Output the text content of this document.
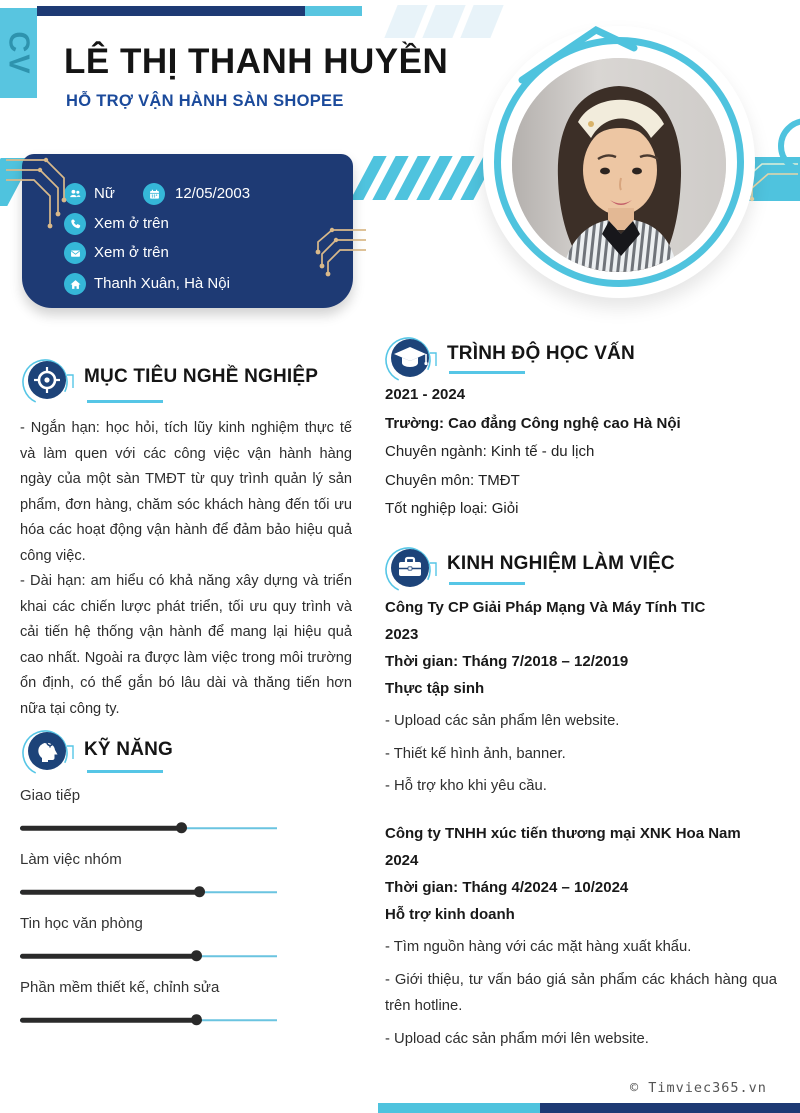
CV LÊ THỊ THANH HUYỀN
HỖ TRỢ VẬN HÀNH SÀN SHOPEE
Nữ	12/05/2003
Xem ở trên
Xem ở trên
Thanh Xuân, Hà Nội
MỤC TIÊU NGHỀ NGHIỆP

- Ngắn hạn: học hỏi, tích lũy kinh nghiệm thực tế và làm quen với các công việc vận hành hàng ngày của một sàn TMĐT từ quy trình quản lý sản phẩm, đơn hàng, chăm sóc khách hàng đến tối ưu hóa các hoạt động vận hành để đảm bảo hiệu quả công việc.

- Dài hạn: am hiểu có khả năng xây dựng và triển khai các chiến lược phát triển, tối ưu quy trình và cải tiến hệ thống vận hành để mang lại hiệu quả cao nhất. Ngoài ra được làm việc trong môi trường ổn định, có thể gắn bó lâu dài và thăng tiến hơn nữa tại công ty.

KỸ NĂNG
Giao tiếp
Làm việc nhóm
Tin học văn phòng
Phần mềm thiết kế, chỉnh sửa
TRÌNH ĐỘ HỌC VẤN
2021 - 2024
Trường: Cao đẳng Công nghệ cao Hà Nội
Chuyên ngành: Kinh tế - du lịch
Chuyên môn: TMĐT
Tốt nghiệp loại: Giỏi
KINH NGHIỆM LÀM VIỆC
Công Ty CP Giải Pháp Mạng Và Máy Tính TIC
2023
Thời gian: Tháng 7/2018 – 12/2019
Thực tập sinh
- Upload các sản phẩm lên website.
- Thiết kế hình ảnh, banner.
- Hỗ trợ kho khi yêu cầu.
Công ty TNHH xúc tiến thương mại XNK Hoa Nam
2024
Thời gian: Tháng 4/2024 – 10/2024
Hỗ trợ kinh doanh
- Tìm nguồn hàng với các mặt hàng xuất khẩu.
- Giới thiệu, tư vấn báo giá sản phẩm các khách hàng qua trên hotline.
- Upload các sản phẩm mới lên website.
© Timviec365.vn
